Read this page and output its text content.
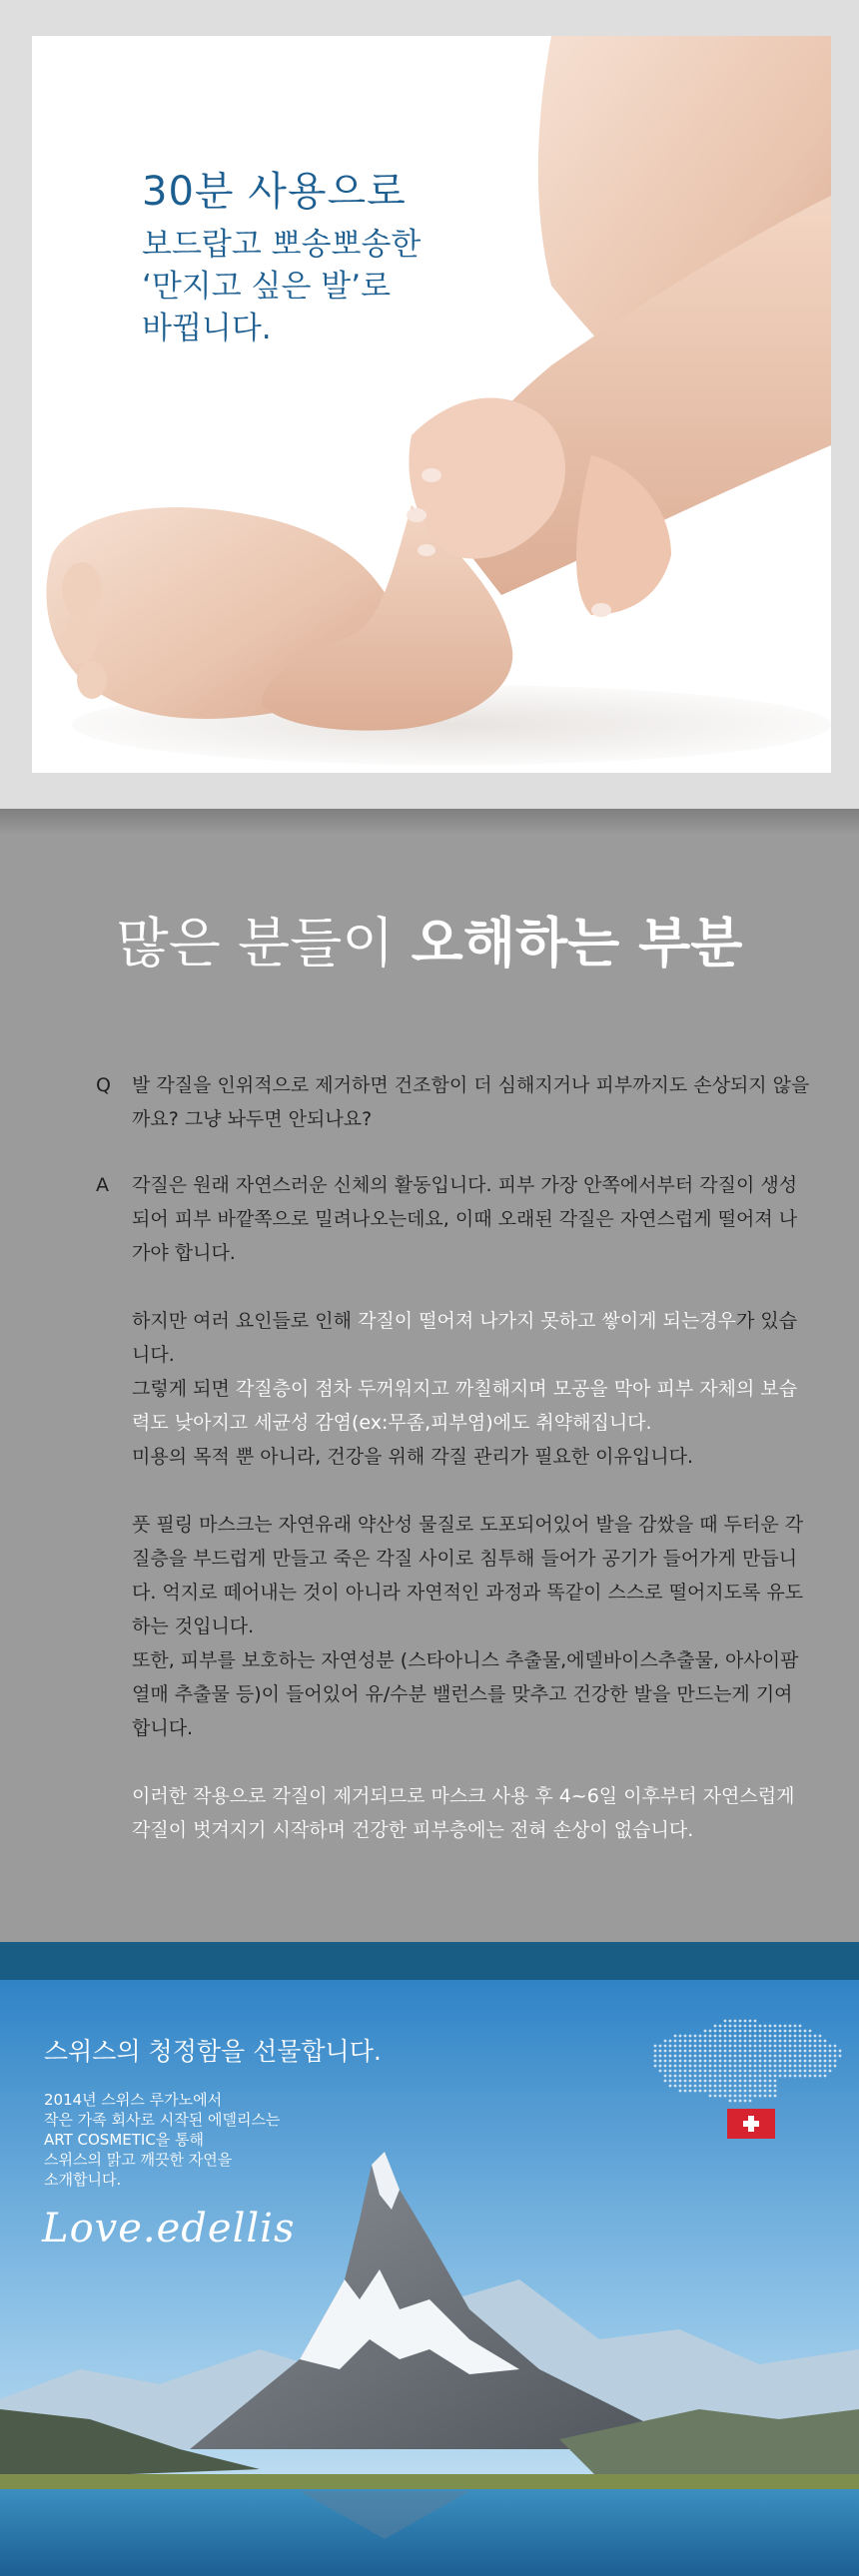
30분 사용으로
보드랍고 뽀송뽀송한
‘만지고 싶은 발’로
바뀝니다.
많은 분들이 오해하는 부분
Q	발 각질을 인위적으로 제거하면 건조함이 더 심해지거나 피부까지도 손상되지 않을까요? 그냥 놔두면 안되나요?
A	각질은 원래 자연스러운 신체의 활동입니다. 피부 가장 안쪽에서부터 각질이 생성되어 피부 바깥쪽으로 밀려나오는데요, 이때 오래된 각질은 자연스럽게 떨어져 나가야 합니다.

하지만 여러 요인들로 인해 각질이 떨어져 나가지 못하고 쌓이게 되는경우가 있습니다.

그렇게 되면 각질층이 점차 두꺼워지고 까칠해지며 모공을 막아 피부 자체의 보습력도 낮아지고 세균성 감염(ex:무좀,피부염)에도 취약해집니다.

미용의 목적 뿐 아니라, 건강을 위해 각질 관리가 필요한 이유입니다.

풋 필링 마스크는 자연유래 약산성 물질로 도포되어있어 발을 감쌌을 때 두터운 각질층을 부드럽게 만들고 죽은 각질 사이로 침투해 들어가 공기가 들어가게 만듭니다. 억지로 떼어내는 것이 아니라 자연적인 과정과 똑같이 스스로 떨어지도록 유도하는 것입니다.

또한, 피부를 보호하는 자연성분 (스타아니스 추출물,에델바이스추출물, 아사이팜 열매 추출물 등)이 들어있어 유/수분 밸런스를 맞추고 건강한 발을 만드는게 기여 합니다.

이러한 작용으로 각질이 제거되므로 마스크 사용 후 4~6일 이후부터 자연스럽게 각질이 벗겨지기 시작하며 건강한 피부층에는 전혀 손상이 없습니다.

스위스의 청정함을 선물합니다.

2014년 스위스 루가노에서

작은 가족 회사로 시작된 에델리스는

ART COSMETIC을 통해

스위스의 맑고 깨끗한 자연을

소개합니다.

Love.edellis
